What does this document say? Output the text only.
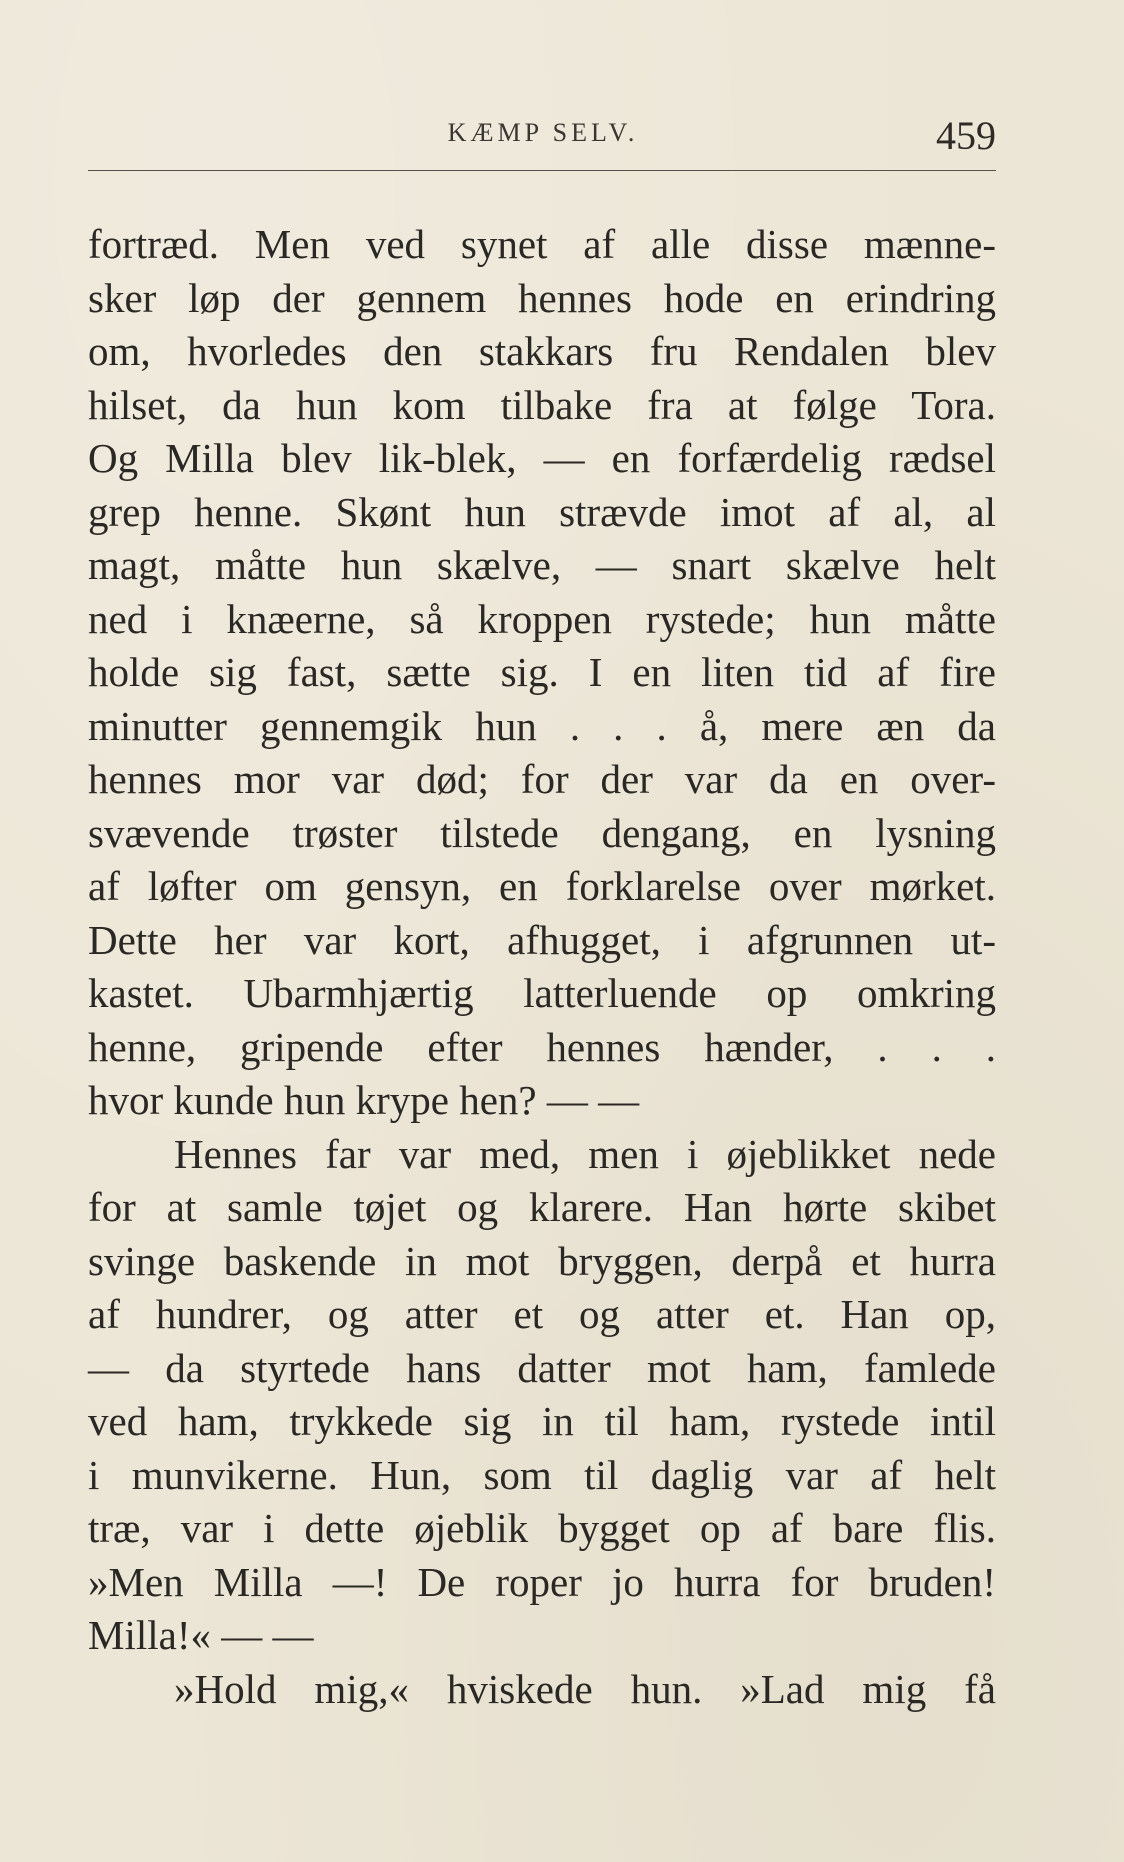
KÆMP SELV.	459
fortræd. Men ved synet af alle disse mænne-
sker løp der gennem hennes hode en erindring
om, hvorledes den stakkars fru Rendalen blev
hilset, da hun kom tilbake fra at følge Tora.
Og Milla blev lik-blek, — en forfærdelig rædsel
grep henne. Skønt hun strævde imot af al, al
magt, måtte hun skælve, — snart skælve helt
ned i knæerne, så kroppen rystede; hun måtte
holde sig fast, sætte sig. I en liten tid af fire
minutter gennemgik hun . . . å, mere æn da
hennes mor var død; for der var da en over-
svævende trøster tilstede dengang, en lysning
af løfter om gensyn, en forklarelse over mørket.
Dette her var kort, afhugget, i afgrunnen ut-
kastet. Ubarmhjærtig latterluende op omkring
henne, gripende efter hennes hænder, . . .
hvor kunde hun krype hen? — —
Hennes far var med, men i øjeblikket nede
for at samle tøjet og klarere. Han hørte skibet
svinge baskende in mot bryggen, derpå et hurra
af hundrer, og atter et og atter et. Han op,
— da styrtede hans datter mot ham, famlede
ved ham, trykkede sig in til ham, rystede intil
i munvikerne. Hun, som til daglig var af helt
træ, var i dette øjeblik bygget op af bare flis.
»Men Milla —! De roper jo hurra for bruden!
Milla!« — —
»Hold mig,« hviskede hun. »Lad mig få
